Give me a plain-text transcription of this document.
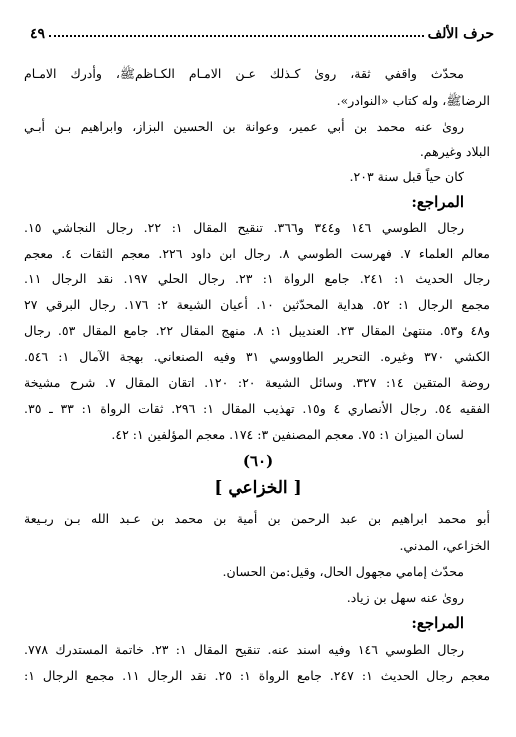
حرف الألف
٤٩
محدّث واقفي ثقة، روىٰ كـذلك عـن الامـام الكـاظمﷺ، وأدرك الامـام
الرضاﷺ، وله كتاب «النوادر».
روىٰ عنه محمد بن أبي عمير، وعوانة بن الحسين البزاز، وابراهيم بـن أبـي
البلاد وغيرهم.
كان حياً قبل سنة ٢٠٣.
المراجع:
رجال الطوسي ١٤٦ و٣٤٤ و٣٦٦. تنقيح المقال ١: ٢٢. رجال النجاشي ١٥.
معالم العلماء ٧. فهرست الطوسي ٨. رجال ابن داود ٢٢٦. معجم الثقات ٤. معجم
رجال الحديث ١: ٢٤١. جامع الرواة ١: ٢٣. رجال الحلي ١٩٧. نقد الرجال ١١.
مجمع الرجال ١: ٥٢. هداية المحدّثين ١٠. أعيان الشيعة ٢: ١٧٦. رجال البرقي ٢٧
و٤٨ و٥٣. منتهىٰ المقال ٢٣. العنديبل ١: ٨. منهج المقال ٢٢. جامع المقال ٥٣. رجال
الكشي ٣٧٠ وغيره. التحرير الطاووسي ٣١ وفيه الصنعاني. بهجة الآمال ١: ٥٤٦.
روضة المتقين ١٤: ٣٢٧. وسائل الشيعة ٢٠: ١٢٠. اتقان المقال ٧. شرح مشيخة
الفقيه ٥٤. رجال الأنصاري ٤ و١٥. تهذيب المقال ١: ٢٩٦. ثقات الرواة ١: ٣٣ ـ ٣٥.
لسان الميزان ١: ٧٥. معجم المصنفين ٣: ١٧٤. معجم المؤلفين ١: ٤٢.
(٦٠)
[ الخزاعي ]
أبو محمد ابراهيم بن عبد الرحمن بن أمية بن محمد بن عـبد الله بـن ربـيعة
الخزاعي، المدني.
محدّث إمامي مجهول الحال، وقيل:من الحسان.
روىٰ عنه سهل بن زياد.
المراجع:
رجال الطوسي ١٤٦ وفيه اسند عنه. تنقيح المقال ١: ٢٣. خاتمة المستدرك ٧٧٨.
معجم رجال الحديث ١: ٢٤٧. جامع الرواة ١: ٢٥. نقد الرجال ١١. مجمع الرجال ١:
